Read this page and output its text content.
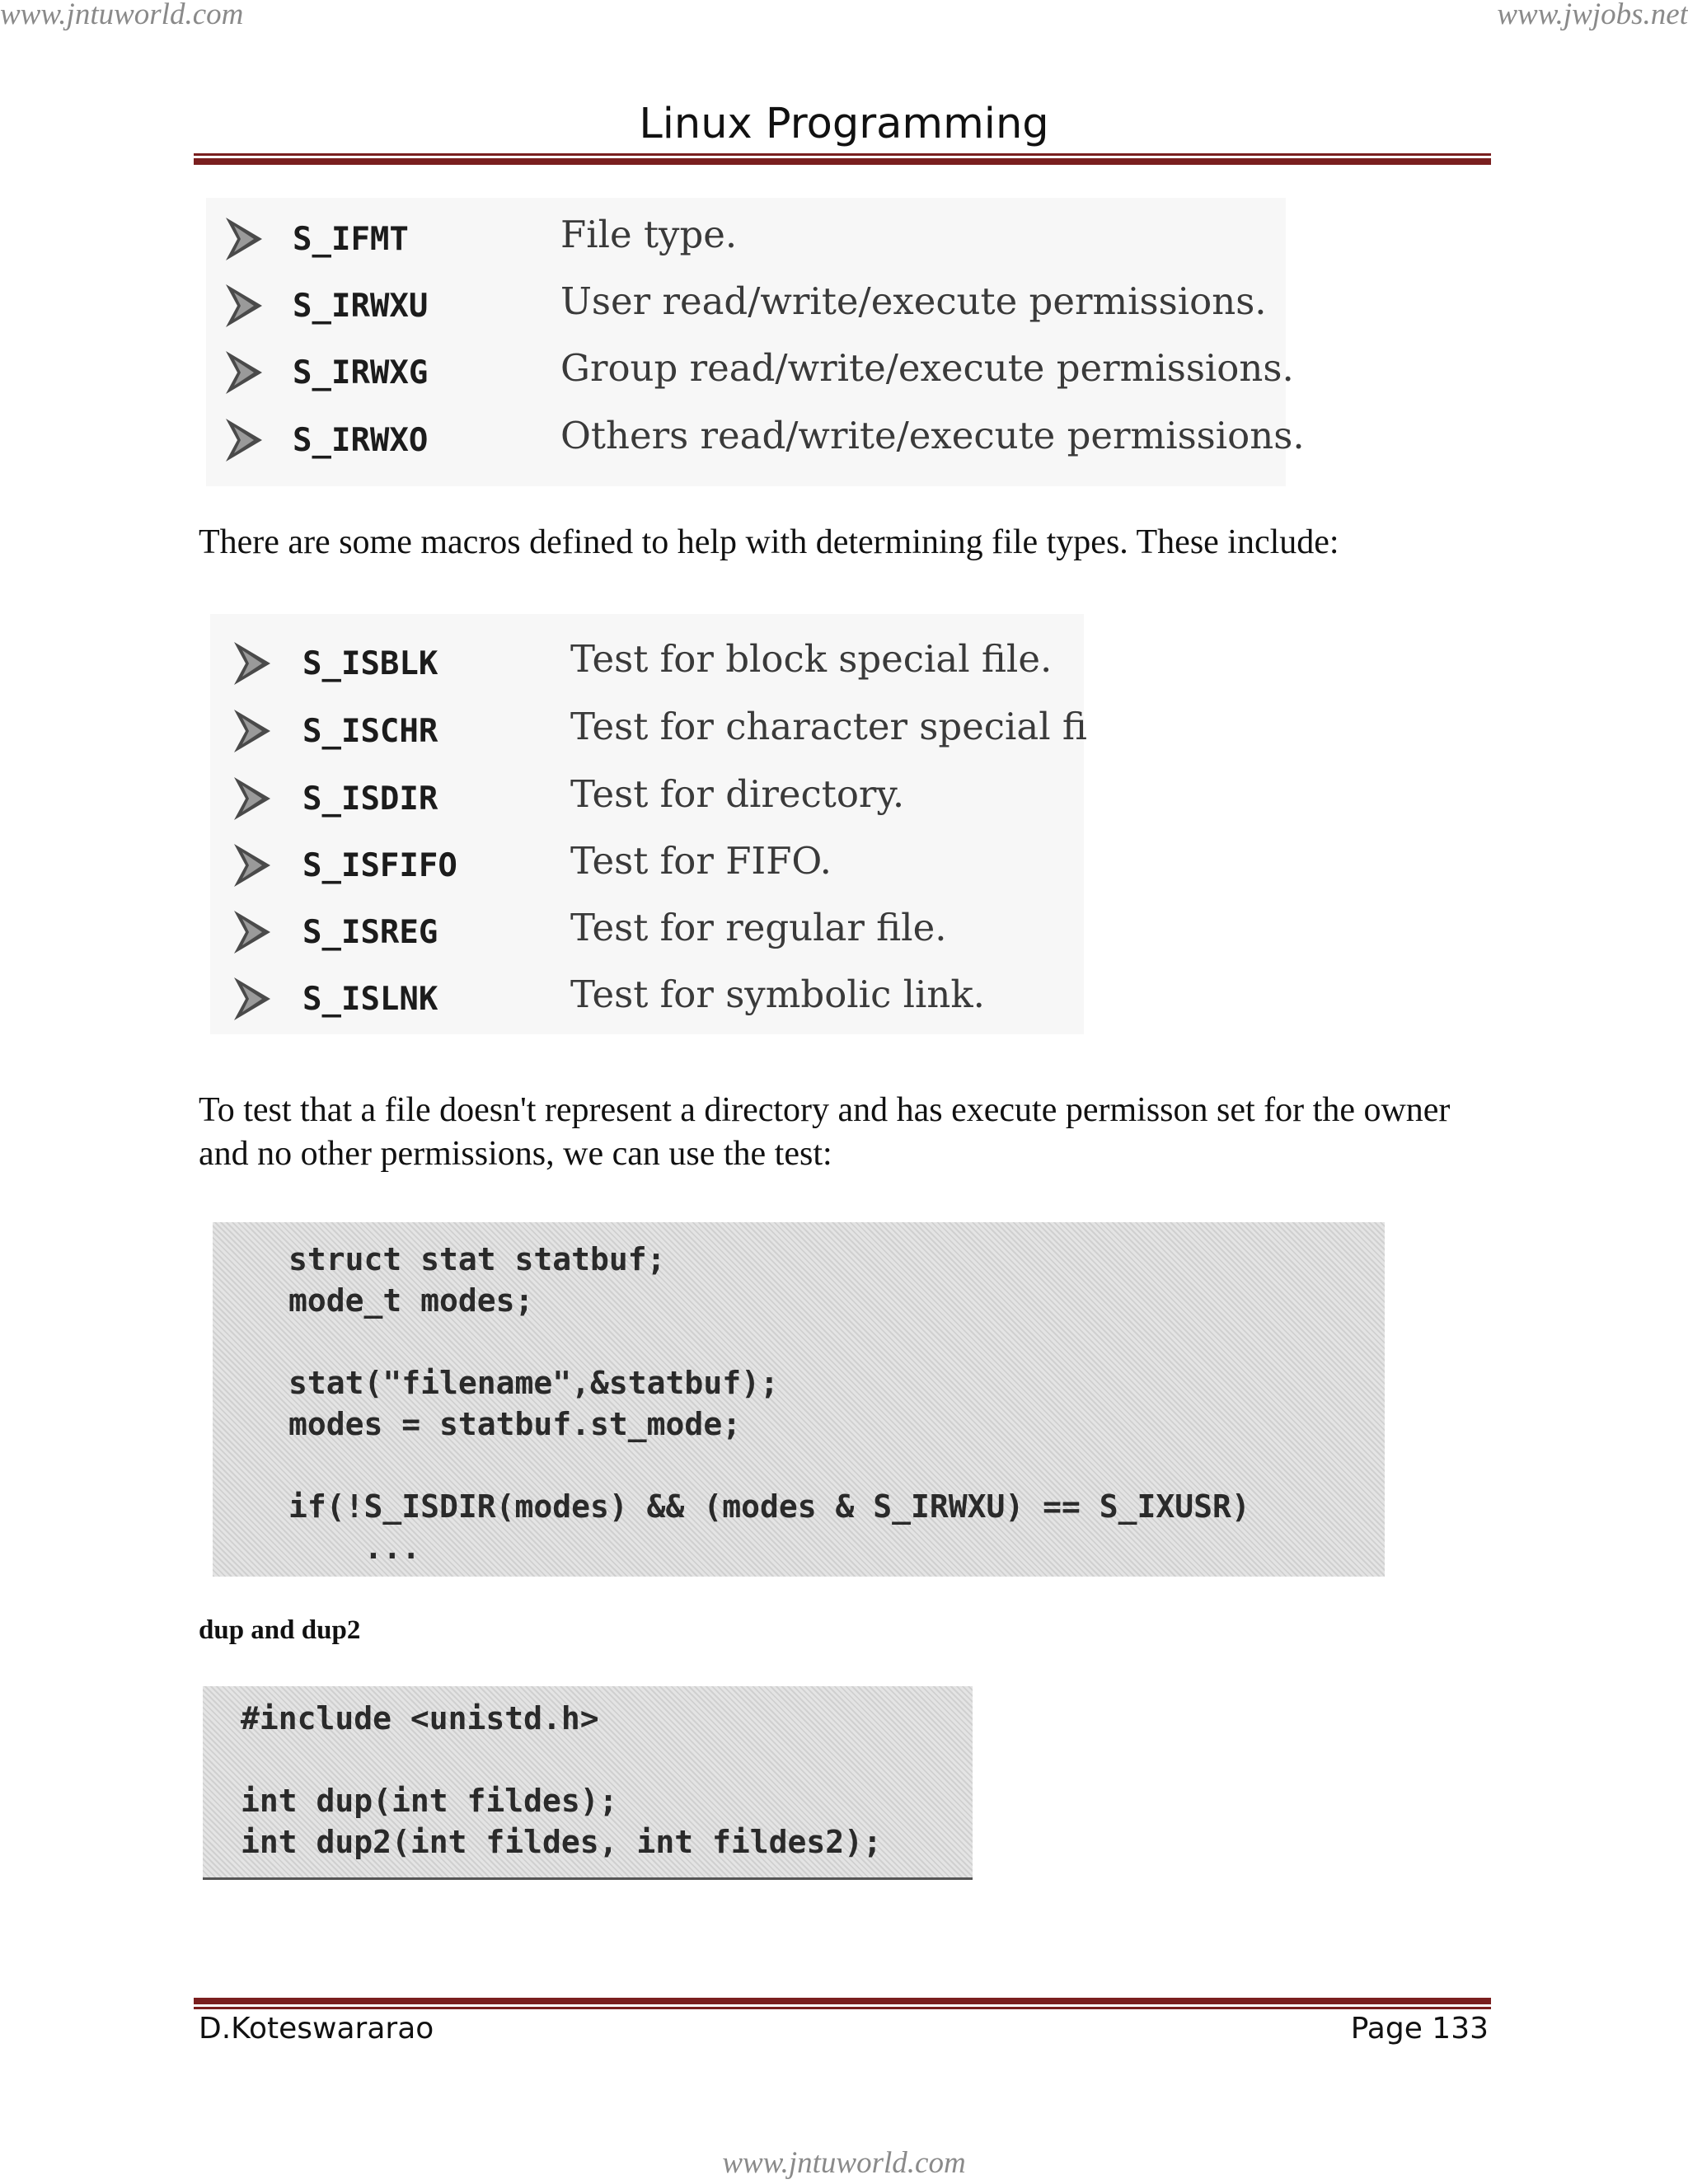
www.jntuworld.com	www.jwjobs.net
Linux Programming
S_IFMT	File type.
S_IRWXU	User read/write/execute permissions.
S_IRWXG	Group read/write/execute permissions.
S_IRWXO	Others read/write/execute permissions.
There are some macros defined to help with determining file types. These include:
S_ISBLK	Test for block special file.
S_ISCHR	Test for character special fi
S_ISDIR	Test for directory.
S_ISFIFO	Test for FIFO.
S_ISREG	Test for regular file.
S_ISLNK	Test for symbolic link.
To test that a file doesn't represent a directory and has execute permisson set for the owner and no other permissions, we can use the test:
struct stat statbuf;
mode_t modes;

stat("filename",&statbuf);
modes = statbuf.st_mode;

if(!S_ISDIR(modes) && (modes & S_IRWXU) == S_IXUSR)
...
dup and dup2
#include <unistd.h>

int dup(int fildes);
int dup2(int fildes, int fildes2);
D.Koteswararao	Page 133
www.jntuworld.com
